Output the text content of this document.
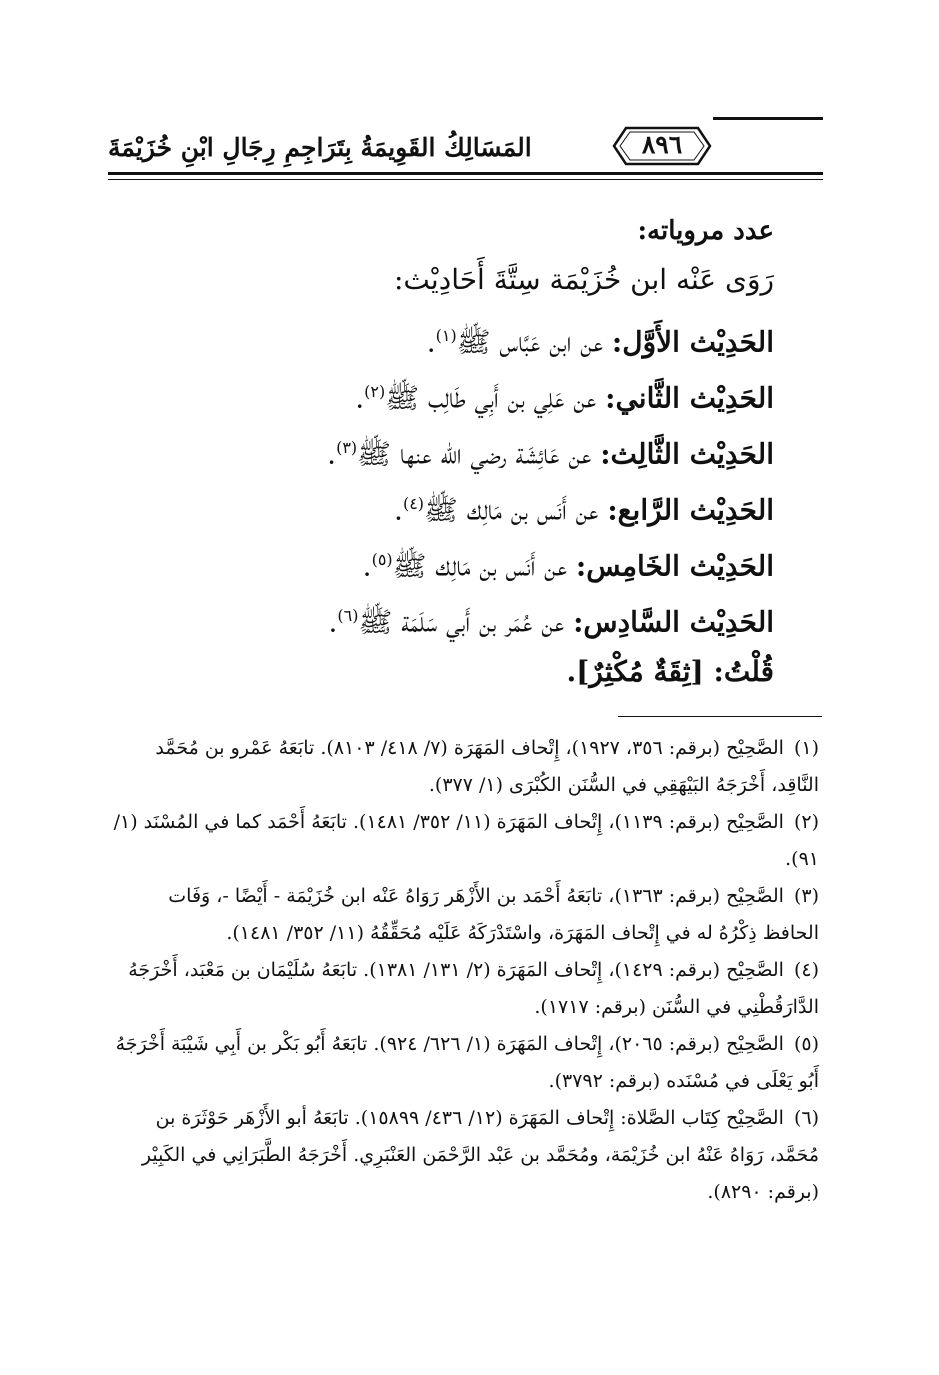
٨٩٦
المَسَالِكُ القَوِيمَةُ بِتَرَاجِمِ رِجَالِ ابْنِ خُزَيْمَةَ
عدد مروياته:
رَوَى عَنْه ابن خُزَيْمَة سِتَّةَ أَحَادِيْث:
الحَدِيْث الأَوَّل: عن ابن عَبَّاس ﷺ$^{(١)}$.
الحَدِيْث الثَّاني: عن عَلِي بن أَبِي طَالِب ﷺ$^{(٢)}$.
الحَدِيْث الثَّالِث: عن عَائِشَة رضي الله عنها ﷺ$^{(٣)}$.
الحَدِيْث الرَّابع: عن أَنَس بن مَالِك ﷺ$^{(٤)}$.
الحَدِيْث الخَامِس: عن أَنَس بن مَالِك ﷺ$^{(٥)}$.
الحَدِيْث السَّادِس: عن عُمَر بن أَبي سَلَمَة ﷺ$^{(٦)}$.
قُلْتُ: [ثِقَةٌ مُكْثِرٌ].

(١) الصَّحِيْح (برقم: ٣٥٦، ١٩٢٧)، إِتْحاف المَهَرَة (٧/ ٤١٨/ ٨١٠٣). تابَعَهُ عَمْرو بن مُحَمَّد النَّاقِد، أَخْرَجَهُ البَيْهَقِي في السُّنَن الكُبْرَى (١/ ٣٧٧).

(٢) الصَّحِيْح (برقم: ١١٣٩)، إِتْحاف المَهَرَة (١١/ ٣٥٢/ ١٤٨١). تابَعَهُ أَحْمَد كما في المُسْنَد (١/ ٩١).

(٣) الصَّحِيْح (برقم: ١٣٦٣)، تابَعَهُ أَحْمَد بن الأَزْهَر رَوَاهُ عَنْه ابن خُزَيْمَة - أَيْضًا -، وَفَات الحافظ ذِكْرُهُ له في إِتْحاف المَهَرَة، واسْتَدْرَكَهُ عَلَيْه مُحَقِّقُهُ (١١/ ٣٥٢/ ١٤٨١).

(٤) الصَّحِيْح (برقم: ١٤٢٩)، إِتْحاف المَهَرَة (٢/ ١٣١/ ١٣٨١). تابَعَهُ سُلَيْمَان بن مَعْبَد، أَخْرَجَهُ الدَّارَقُطْنِي في السُّنَن (برقم: ١٧١٧).

(٥) الصَّحِيْح (برقم: ٢٠٦٥)، إِتْحاف المَهَرَة (١/ ٦٢٦/ ٩٢٤). تابَعَهُ أَبُو بَكْر بن أَبِي شَيْبَة أَخْرَجَهُ أَبُو يَعْلَى في مُسْنَده (برقم: ٣٧٩٢).

(٦) الصَّحِيْح كِتَاب الصَّلاة: إِتْحاف المَهَرَة (١٢/ ٤٣٦/ ١٥٨٩٩). تابَعَهُ أبو الأَزْهَر حَوْثَرَة بن مُحَمَّد، رَوَاهُ عَنْهُ ابن خُزَيْمَة، ومُحَمَّد بن عَبْد الرَّحْمَن العَنْبَرِي. أَخْرَجَهُ الطَّبَرَانِي في الكَبِيْر (برقم: ٨٢٩٠).
